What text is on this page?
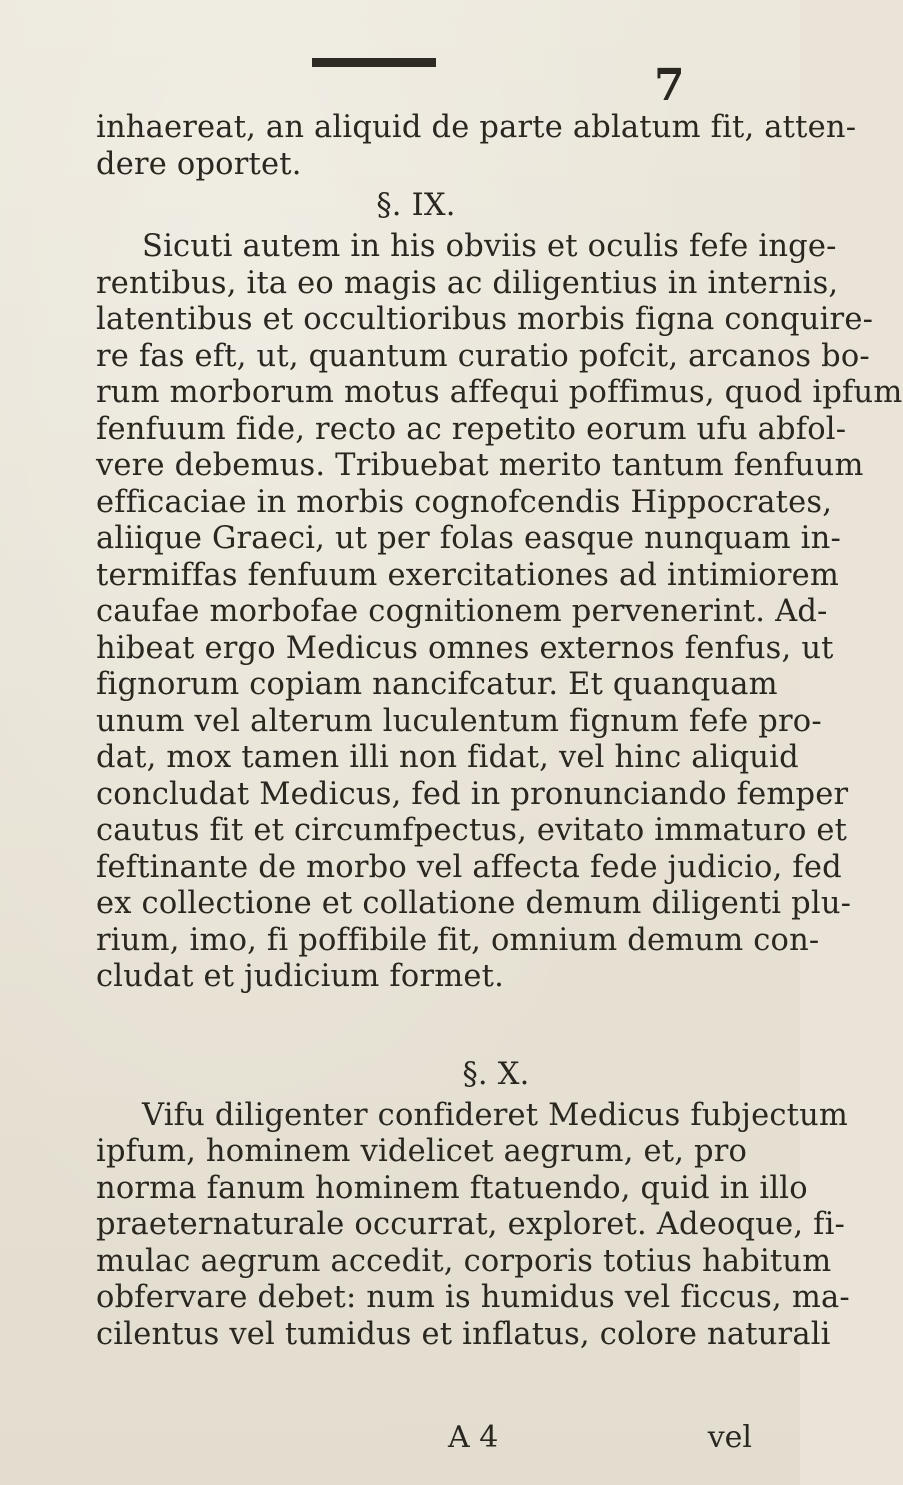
7
inhaereat, an aliquid de parte ablatum fit, atten-
dere oportet.
§. IX.
Sicuti autem in his obviis et oculis fefe inge-
rentibus, ita eo magis ac diligentius in internis,
latentibus et occultioribus morbis figna conquire-
re fas eft, ut, quantum curatio pofcit, arcanos bo-
rum morborum motus affequi poffimus, quod ipfum
fenfuum fide, recto ac repetito eorum ufu abfol-
vere debemus. Tribuebat merito tantum fenfuum
efficaciae in morbis cognofcendis Hippocrates,
aliique Graeci, ut per folas easque nunquam in-
termiffas fenfuum exercitationes ad intimiorem
caufae morbofae cognitionem pervenerint. Ad-
hibeat ergo Medicus omnes externos fenfus, ut
fignorum copiam nancifcatur. Et quanquam
unum vel alterum luculentum fignum fefe pro-
dat, mox tamen illi non fidat, vel hinc aliquid
concludat Medicus, fed in pronunciando femper
cautus fit et circumfpectus, evitato immaturo et
feftinante de morbo vel affecta fede judicio, fed
ex collectione et collatione demum diligenti plu-
rium, imo, fi poffibile fit, omnium demum con-
cludat et judicium formet.
§. X.
Vifu diligenter confideret Medicus fubjectum
ipfum, hominem videlicet aegrum, et, pro
norma fanum hominem ftatuendo, quid in illo
praeternaturale occurrat, exploret. Adeoque, fi-
mulac aegrum accedit, corporis totius habitum
obfervare debet: num is humidus vel ficcus, ma-
cilentus vel tumidus et inflatus, colore naturali
A 4	vel
